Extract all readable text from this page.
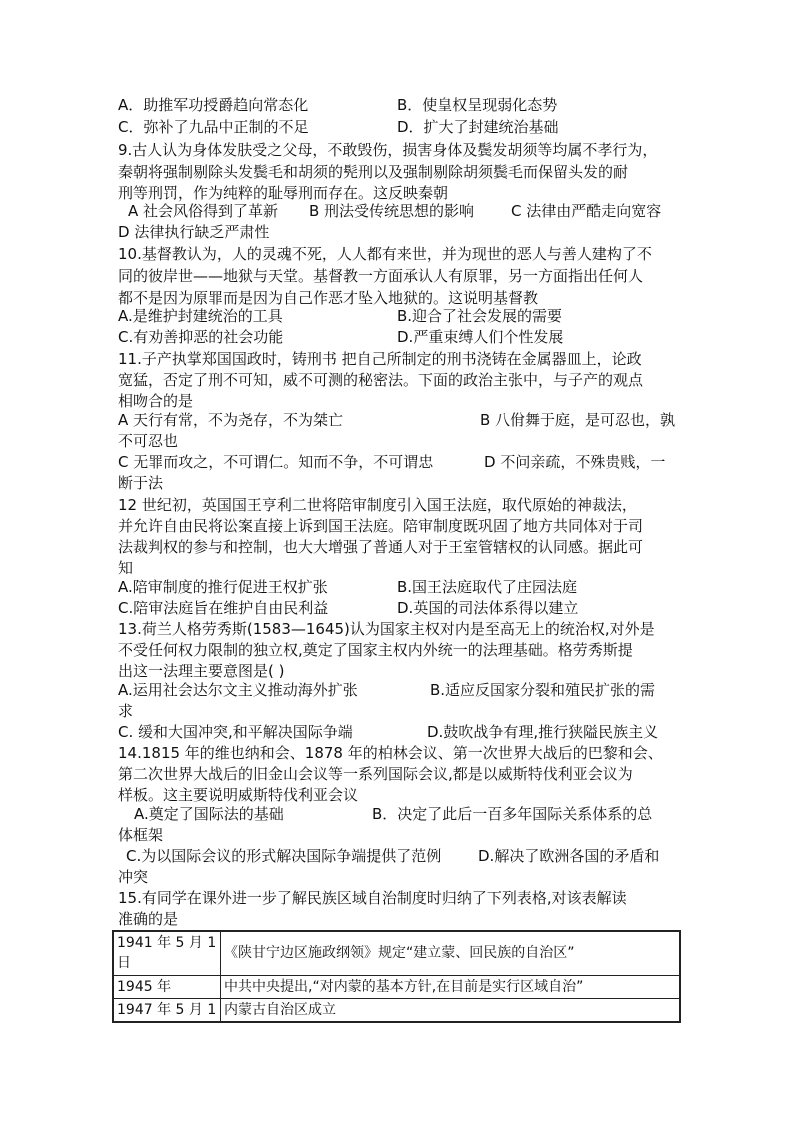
A．助推军功授爵趋向常态化	B．使皇权呈现弱化态势
C．弥补了九品中正制的不足	D．扩大了封建统治基础
9.古人认为身体发肤受之父母，不敢毁伤，损害身体及鬓发胡须等均属不孝行为，
秦朝将强制剔除头发鬓毛和胡须的髡刑以及强制剔除胡须鬓毛而保留头发的耐
刑等刑罚，作为纯粹的耻辱刑而存在。这反映秦朝
A 社会风俗得到了革新 B 刑法受传统思想的影响 C 法律由严酷走向宽容
D 法律执行缺乏严肃性
10.基督教认为，人的灵魂不死，人人都有来世，并为现世的恶人与善人建构了不
同的彼岸世——地狱与天堂。基督教一方面承认人有原罪，另一方面指出任何人
都不是因为原罪而是因为自己作恶才坠入地狱的。这说明基督教
A.是维护封建统治的工具	B.迎合了社会发展的需要
C.有劝善抑恶的社会功能	D.严重束缚人们个性发展
11.子产执掌郑国国政时，铸刑书 把自己所制定的刑书浇铸在金属器皿上，论政
宽猛，否定了刑不可知，威不可测的秘密法。下面的政治主张中，与子产的观点
相吻合的是
A 天行有常，不为尧存，不为桀亡	B 八佾舞于庭，是可忍也，孰
不可忍也
C 无罪而攻之，不可谓仁。知而不争，不可谓忠	D 不问亲疏，不殊贵贱，一
断于法
12 世纪初，英国国王亨利二世将陪审制度引入国王法庭，取代原始的神裁法，
并允许自由民将讼案直接上诉到国王法庭。陪审制度既巩固了地方共同体对于司
法裁判权的参与和控制，也大大增强了普通人对于王室管辖权的认同感。据此可
知
A.陪审制度的推行促进王权扩张	B.国王法庭取代了庄园法庭
C.陪审法庭旨在维护自由民利益	D.英国的司法体系得以建立
13.荷兰人格劳秀斯(1583—1645)认为国家主权对内是至高无上的统治权,对外是
不受任何权力限制的独立权,奠定了国家主权内外统一的法理基础。格劳秀斯提
出这一法理主要意图是( )
A.运用社会达尔文主义推动海外扩张	B.适应反国家分裂和殖民扩张的需
求
C. 缓和大国冲突,和平解决国际争端	D.鼓吹战争有理,推行狭隘民族主义
14.1815 年的维也纳和会、1878 年的柏林会议、第一次世界大战后的巴黎和会、
第二次世界大战后的旧金山会议等一系列国际会议,都是以威斯特伐利亚会议为
样板。这主要说明威斯特伐利亚会议
A.奠定了国际法的基础	B．决定了此后一百多年国际关系体系的总
体框架
C.为以国际会议的形式解决国际争端提供了范例 D.解决了欧洲各国的矛盾和
冲突
15.有同学在课外进一步了解民族区域自治制度时归纳了下列表格,对该表解读
准确的是
1941 年 5 月 1 日	《陕甘宁边区施政纲领》规定“建立蒙、回民族的自治区”
1945 年	中共中央提出,“对内蒙的基本方针,在目前是实行区域自治”
1947 年 5 月 1	内蒙古自治区成立
